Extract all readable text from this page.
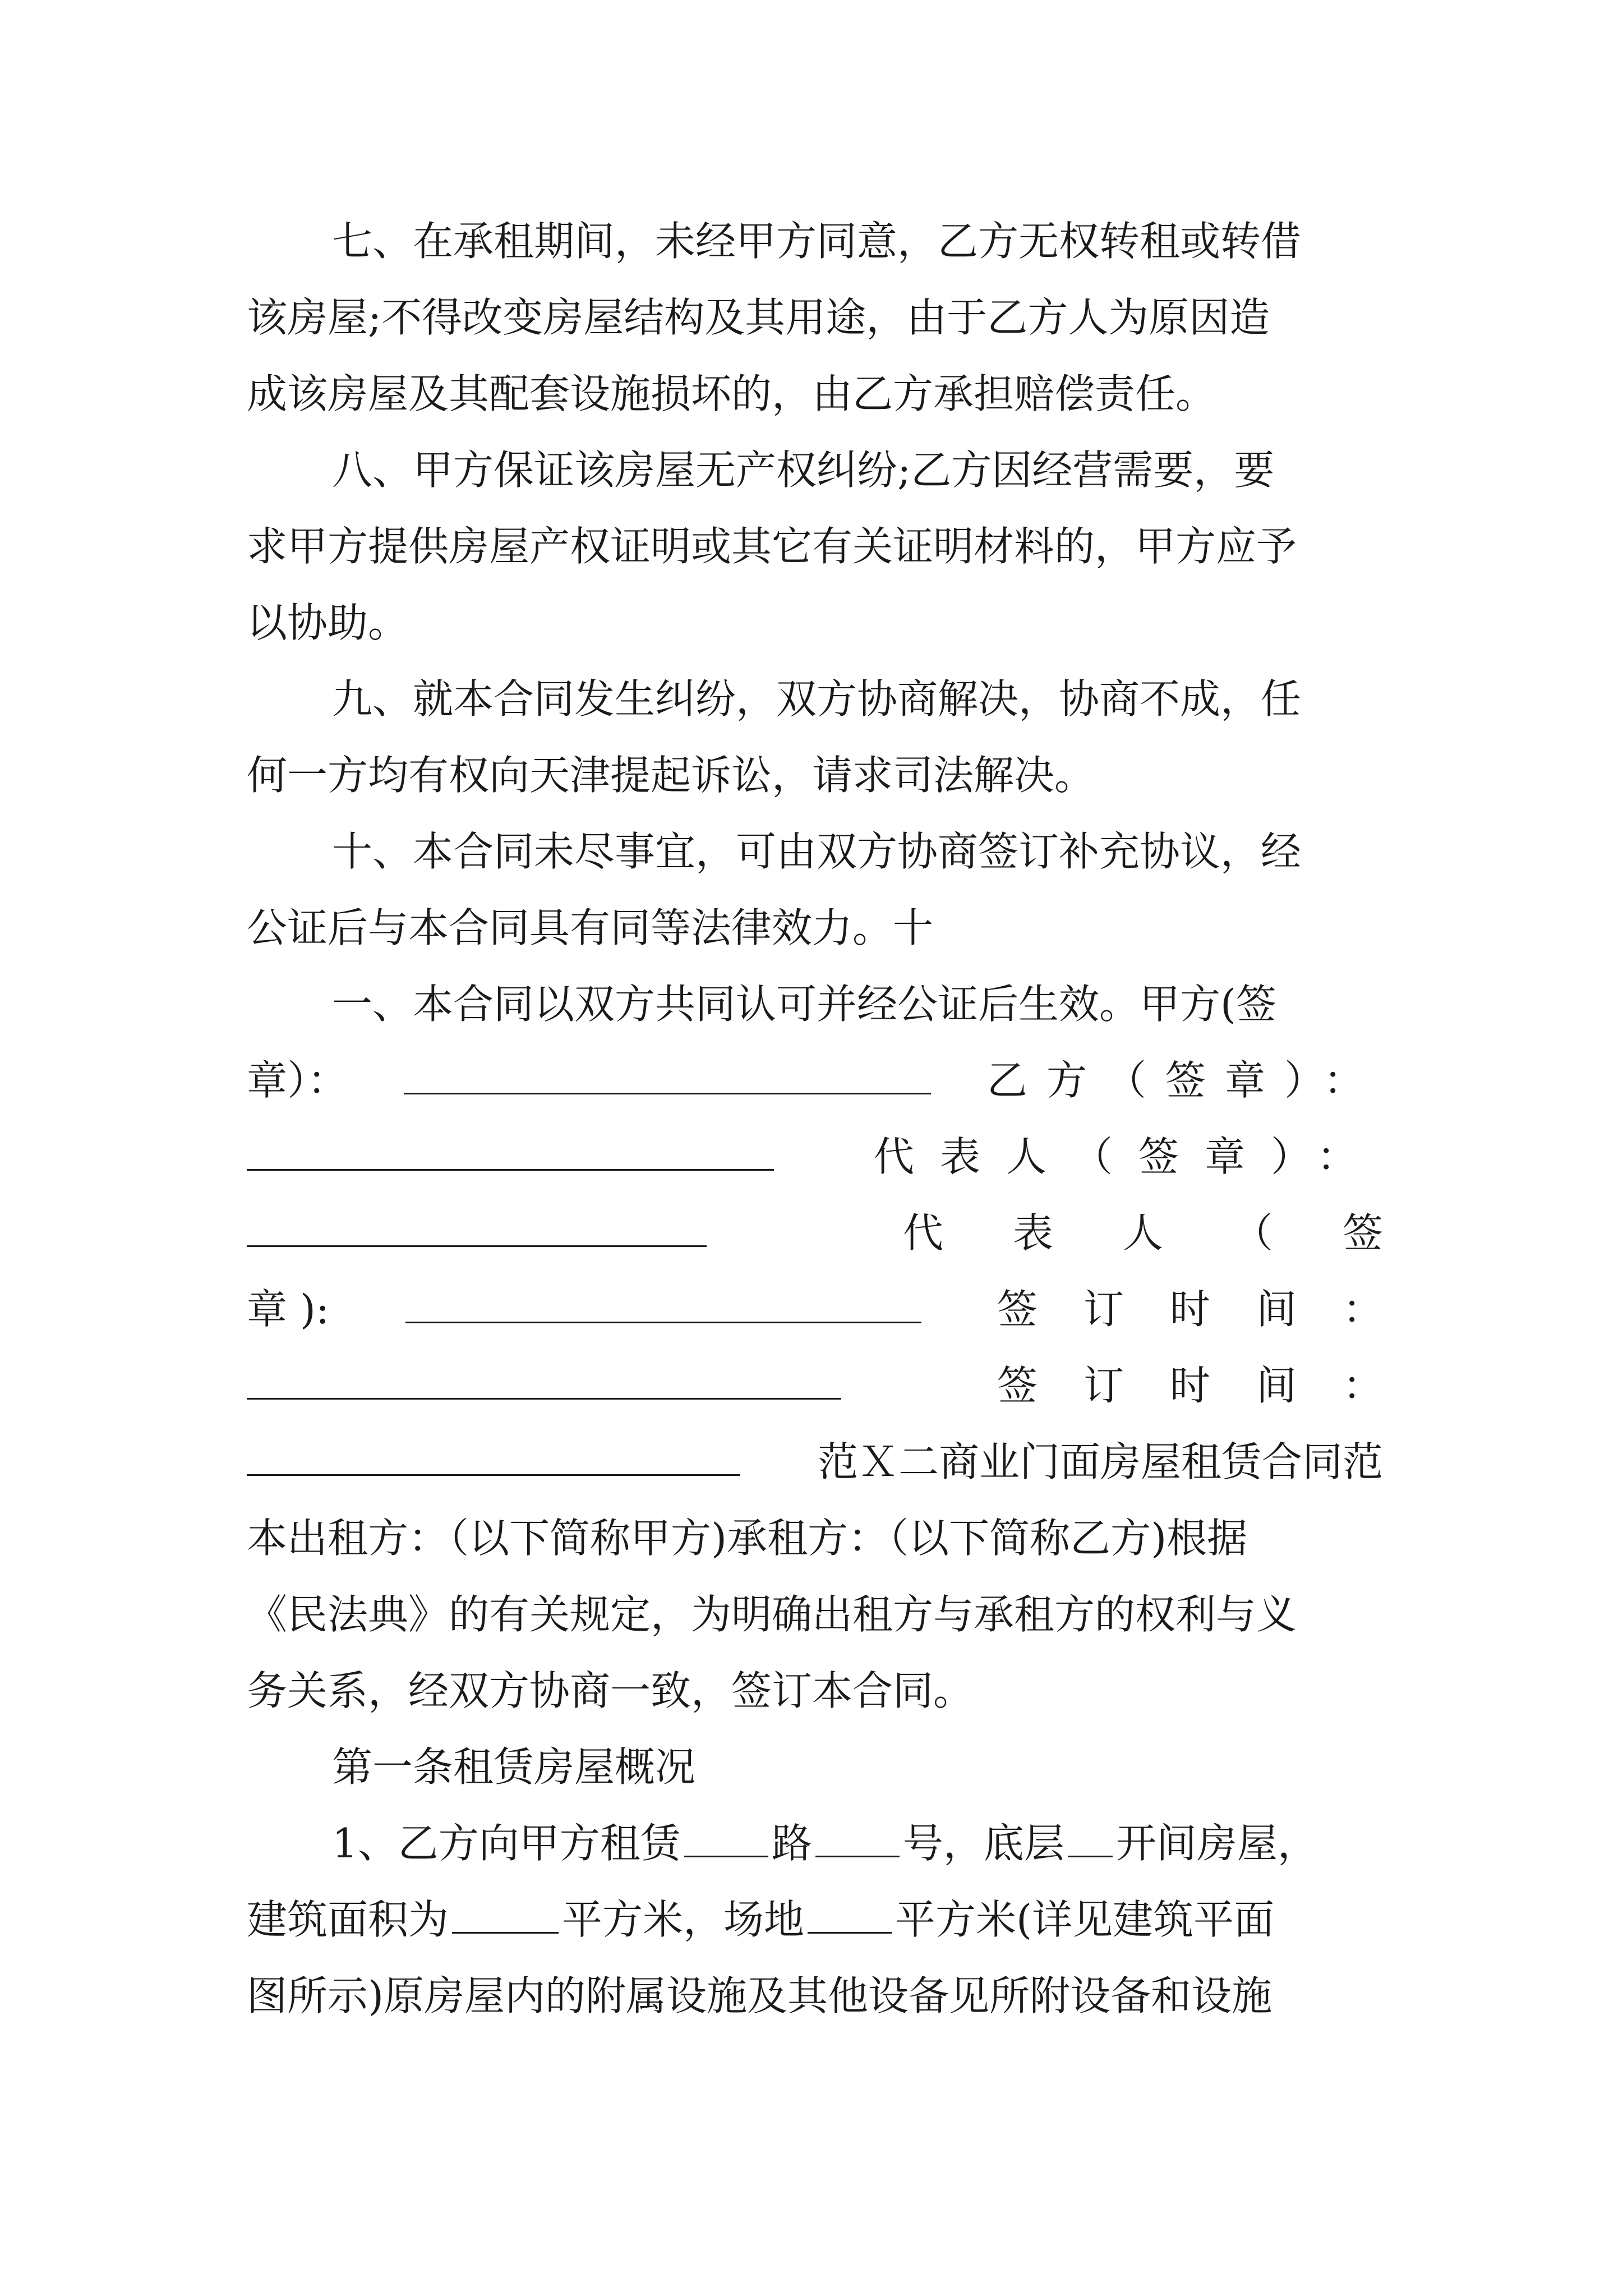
七、在承租期间，未经甲方同意，乙方无权转租或转借
该房屋;不得改变房屋结构及其用途，由于乙方人为原因造
成该房屋及其配套设施损坏的，由乙方承担赔偿责任。
八、甲方保证该房屋无产权纠纷;乙方因经营需要，要
求甲方提供房屋产权证明或其它有关证明材料的，甲方应予
以协助。
九、就本合同发生纠纷，双方协商解决，协商不成，任
何一方均有权向天津提起诉讼，请求司法解决。
十、本合同未尽事宜，可由双方协商签订补充协议，经
公证后与本合同具有同等法律效力。十
一、本合同以双方共同认可并经公证后生效。甲方(签
章）：	乙方（签章）：
代表人（签章）：
代表人（签
章 ):	签订时间：
签订时间：
范Ｘ二商业门面房屋租赁合同范
本出租方：（以下简称甲方)承租方：（以下简称乙方)根据
《民法典》的有关规定，为明确出租方与承租方的权利与义
务关系，经双方协商一致，签订本合同。
第一条租赁房屋概况
1、乙方向甲方租赁 路 号，底层 开间房屋，
建筑面积为	平方米，场地 平方米(详见建筑平面
图所示)原房屋内的附属设施及其他设备见所附设备和设施
